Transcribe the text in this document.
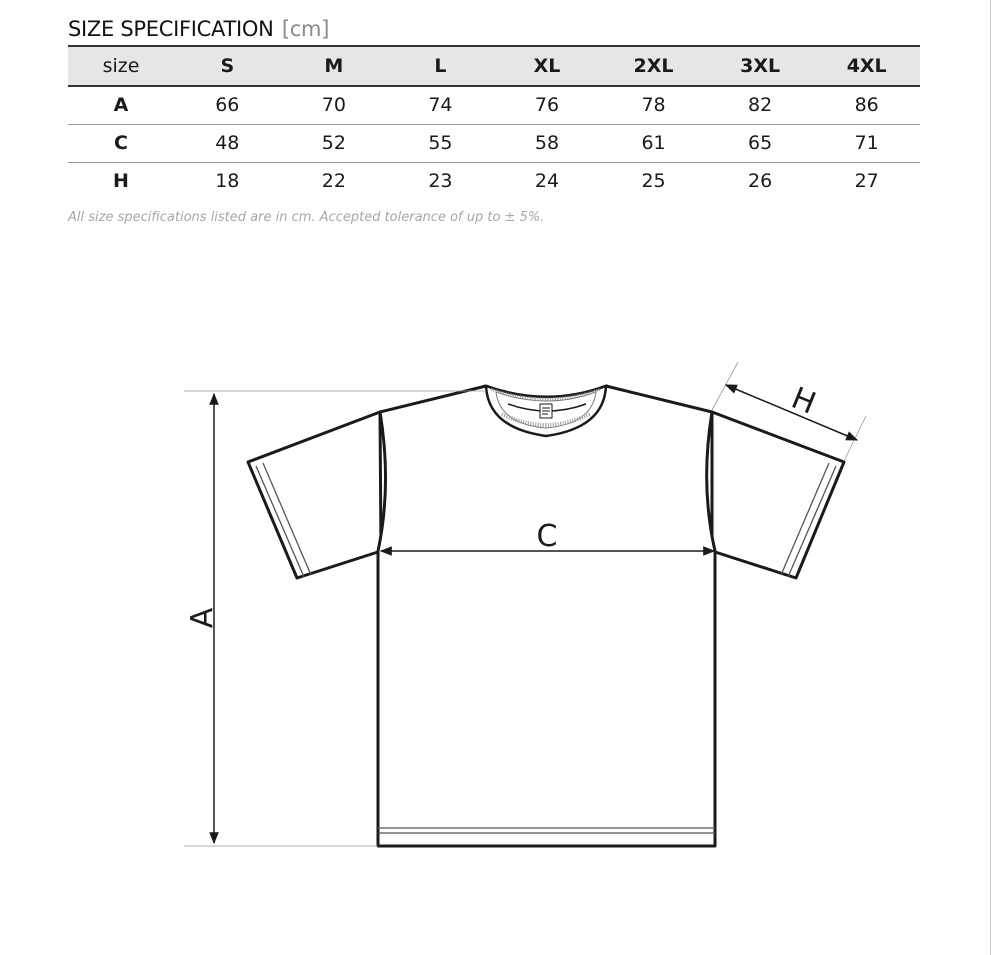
SIZE SPECIFICATION [cm]
size	S	M	L	XL	2XL	3XL	4XL
A	66	70	74	76	78	82	86
C	48	52	55	58	61	65	71
H	18	22	23	24	25	26	27
All size specifications listed are in cm. Accepted tolerance of up to ± 5%.
A
C
H
